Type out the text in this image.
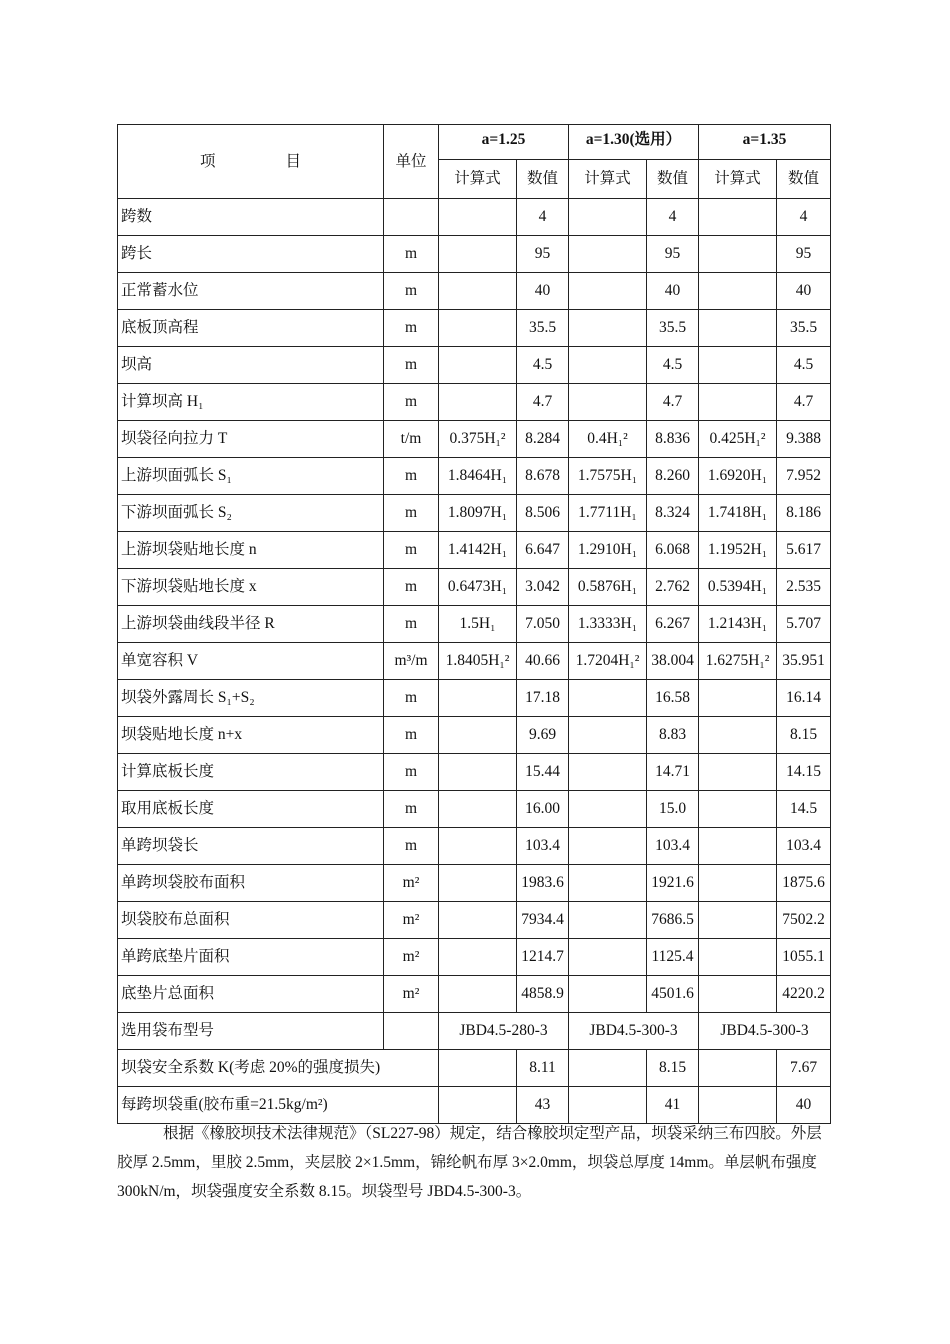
项 目	单位	a=1.25		a=1.30(选用）		a=1.35	
		计算式	数值	计算式	数值	计算式	数值
跨数			4		4		4
跨长	m		95		95		95
正常蓄水位	m		40		40		40
底板顶高程	m		35.5		35.5		35.5
坝高	m		4.5		4.5		4.5
计算坝高 H₁	m		4.7		4.7		4.7
坝袋径向拉力 T	t/m	0.375H₁²	8.284	0.4H₁²	8.836	0.425H₁²	9.388
上游坝面弧长 S₁	m	1.8464H₁	8.678	1.7575H₁	8.260	1.6920H₁	7.952
下游坝面弧长 S₂	m	1.8097H₁	8.506	1.7711H₁	8.324	1.7418H₁	8.186
上游坝袋贴地长度 n	m	1.4142H₁	6.647	1.2910H₁	6.068	1.1952H₁	5.617
下游坝袋贴地长度 x	m	0.6473H₁	3.042	0.5876H₁	2.762	0.5394H₁	2.535
上游坝袋曲线段半径 R	m	1.5H₁	7.050	1.3333H₁	6.267	1.2143H₁	5.707
单宽容积 V	m³/m	1.8405H₁²	40.66	1.7204H₁²	38.004	1.6275H₁²	35.951
坝袋外露周长 S₁+S₂	m		17.18		16.58		16.14
坝袋贴地长度 n+x	m		9.69		8.83		8.15
计算底板长度	m		15.44		14.71		14.15
取用底板长度	m		16.00		15.0		14.5
单跨坝袋长	m		103.4		103.4		103.4
单跨坝袋胶布面积	m²		1983.6		1921.6		1875.6
坝袋胶布总面积	m²		7934.4		7686.5		7502.2
单跨底垫片面积	m²		1214.7		1125.4		1055.1
底垫片总面积	m²		4858.9		4501.6		4220.2
选用袋布型号		JBD4.5-280-3		JBD4.5-300-3		JBD4.5-300-3	
坝袋安全系数 K(考虑 20%的强度损失)			8.11		8.15		7.67
每跨坝袋重(胶布重=21.5kg/m²)			43		41		40

根据《橡胶坝技术法律规范》（SL227-98）规定，结合橡胶坝定型产品，坝袋采纳三布四胶。外层胶厚 2.5mm，里胶 2.5mm，夹层胶 2×1.5mm，锦纶帆布厚 3×2.0mm，坝袋总厚度 14mm。单层帆布强度 300kN/m，坝袋强度安全系数 8.15。坝袋型号 JBD4.5-300-3。
